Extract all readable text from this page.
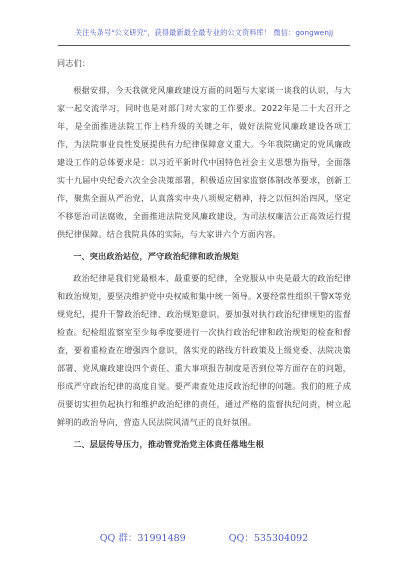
关注头条号"公文研究"，获得最新最全最专业的公文资料库！ 微信：gongwenjj

同志们：

根据安排，今天我就党风廉政建设方面的问题与大家谈一谈我的认识，与大家一起交流学习，同时也是对部门对大家的工作要求。2022年是二十大召开之年，是全面推进法院工作上档升级的关键之年，做好法院党风廉政建设各项工作，为法院事业良性发展提供有力纪律保障意义重大。今年我院确定的党风廉政建设工作的总体要求是：以习近平新时代中国特色社会主义思想为指导，全面落实十九届中央纪委六次全会决策部署，积极适应国家监察体制改革要求，创新工作，聚焦全面从严治党，认真落实中央八项规定精神，持之以恒纠治四风，坚定不移惩治司法腐败，全面推进法院党风廉政建设，为司法权廉洁公正高效运行提供纪律保障。结合我院具体的实际，与大家讲六个方面内容。

一、突出政治站位，严守政治纪律和政治规矩

政治纪律是我们党最根本、最重要的纪律，全党服从中央是最大的政治纪律和政治规矩，要坚决维护党中央权威和集中统一领导。X要经常性组织干警X等党规党纪，提升干警政治纪律、政治规矩意识。要加强对执行政治纪律规矩的监督检查。纪检组监察室至少每季度要进行一次执行政治纪律和政治规矩的检查和督查，要着重检查在增强四个意识，落实党的路线方针政策及上级党委、法院决策部署、党风廉政建设四个责任、重大事项报告制度是否到位等方面存在的问题，形成严守政治纪律的高度自觉。要严肃查处违反政治纪律的问题。我们的班子成员要切实担负起执行和维护政治纪律的责任，通过严格的监督执纪问责，树立起鲜明的政治导向，营造人民法院风清气正的良好氛围。

二、层层传导压力，推动管党治党主体责任落地生根
QQ 群：31991489	QQ：535304092
